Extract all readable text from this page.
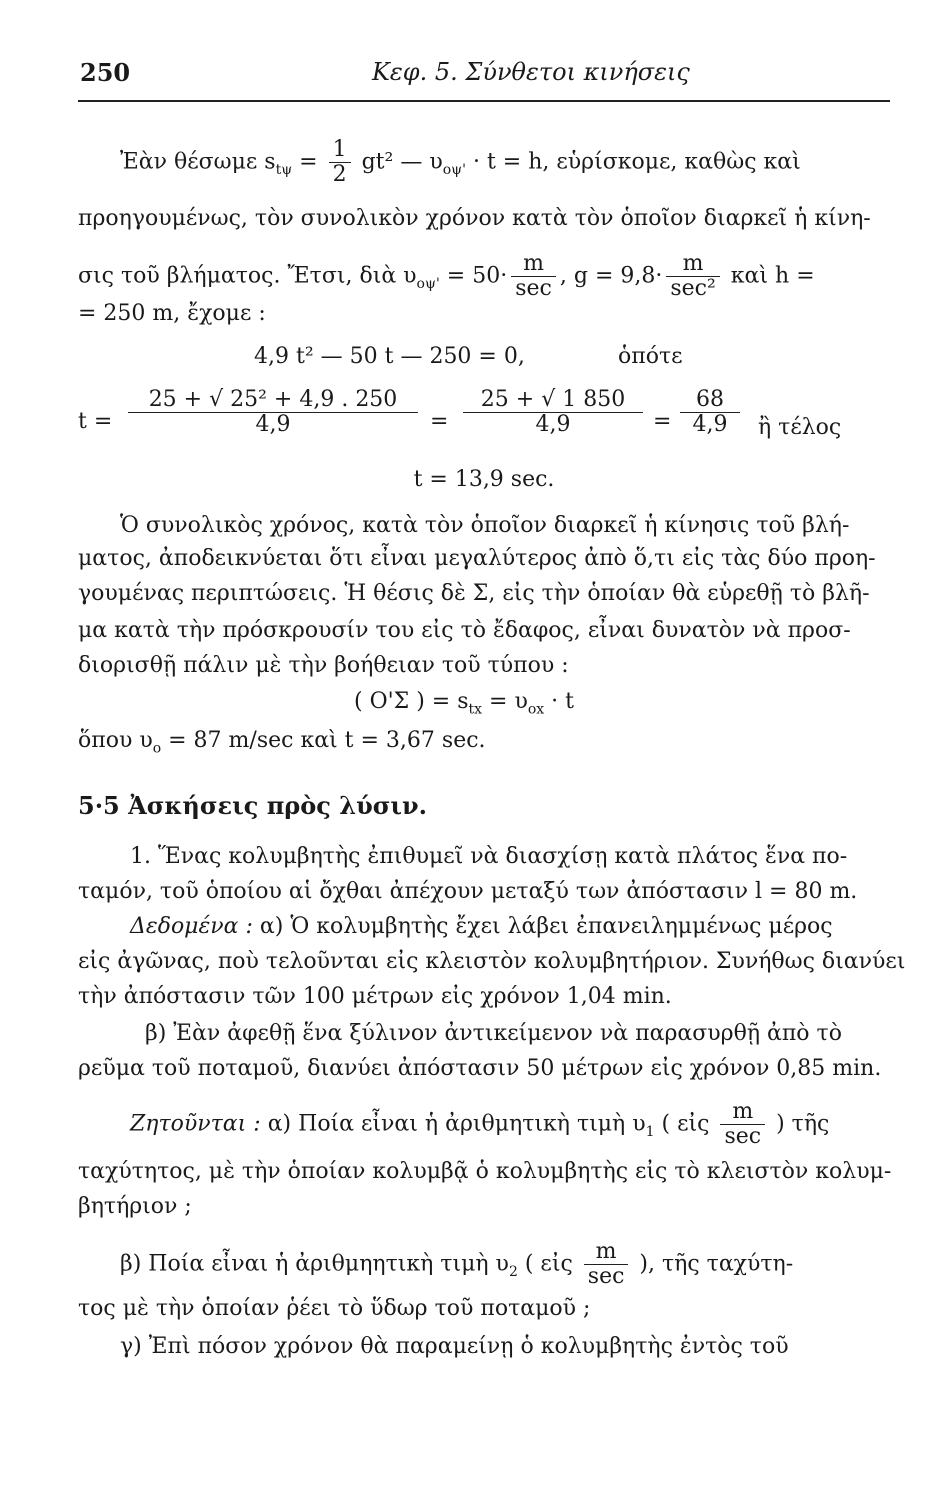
250	Κεφ. 5. Σύνθετοι κινήσεις
Ἐὰν θέσωμε $s_{t\psi} = \frac{1}{2} gt^2$ — $\upsilon_{o\psi'} \cdot t = h$, εὑρίσκομε, καθὼς καὶ
προηγουμένως, τὸν συνολικὸν χρόνον κατὰ τὸν ὁποῖον διαρκεῖ ἡ κίνη-
σις τοῦ βλήματος. Ἔτσι, διὰ $\upsilon_{o\psi'} = 50\cdot \frac{m}{\sec}$ , $g = 9,8\cdot \frac{m}{\text{sec²}}$ καὶ h =
= 250 m, ἔχομε :
4,9 t² — 50 t — 250 = 0,	ὁπότε
$t = \frac{\text{25 + √ 25² + 4,9 . 250}}{4,9} = \frac{25 + √ 1 850}{4,9} = \frac{68}{4,9}$ ἢ τέλος
t = 13,9 sec.
Ὁ συνολικὸς χρόνος, κατὰ τὸν ὁποῖον διαρκεῖ ἡ κίνησις τοῦ βλή-
ματος, ἀποδεικνύεται ὅτι εἶναι μεγαλύτερος ἀπὸ ὅ,τι εἰς τὰς δύο προη-
γουμένας περιπτώσεις. Ἡ θέσις δὲ Σ, εἰς τὴν ὁποίαν θὰ εὑρεθῇ τὸ βλῆ-
μα κατὰ τὴν πρόσκρουσίν του εἰς τὸ ἔδαφος, εἶναι δυνατὸν νὰ προσ-
διορισθῇ πάλιν μὲ τὴν βοήθειαν τοῦ τύπου :
( O'Σ ) = $s_{tx} = \upsilon_{ox} \cdot t$
ὅπου $\upsilon_o = 87$ m/sec καὶ t = 3,67 sec.
5·5 Ἀσκήσεις πρὸς λύσιν.
1. Ἕνας κολυμβητὴς ἐπιθυμεῖ νὰ διασχίσῃ κατὰ πλάτος ἕνα πο-
ταμόν, τοῦ ὁποίου αἱ ὄχθαι ἀπέχουν μεταξύ των ἀπόστασιν l = 80 m.
Δεδομένα : α) Ὁ κολυμβητὴς ἔχει λάβει ἐπανειλημμένως μέρος
εἰς ἀγῶνας, ποὺ τελοῦνται εἰς κλειστὸν κολυμβητήριον. Συνήθως διανύει
τὴν ἀπόστασιν τῶν 100 μέτρων εἰς χρόνον 1,04 min.
β) Ἐὰν ἀφεθῇ ἕνα ξύλινον ἀντικείμενον νὰ παρασυρθῇ ἀπὸ τὸ
ρεῦμα τοῦ ποταμοῦ, διανύει ἀπόστασιν 50 μέτρων εἰς χρόνον 0,85 min.
Ζητοῦνται : α) Ποία εἶναι ἡ ἀριθμητικὴ τιμὴ $\upsilon_1$ ( εἰς $\frac{m}{\sec}$ ) τῆς
ταχύτητος, μὲ τὴν ὁποίαν κολυμβᾷ ὁ κολυμβητὴς εἰς τὸ κλειστὸν κολυμ-
βητήριον ;
β) Ποία εἶναι ἡ ἀριθμηητικὴ τιμὴ $\upsilon_2$ ( εἰς $\frac{m}{\sec}$ ), τῆς ταχύτη-
τος μὲ τὴν ὁποίαν ῥέει τὸ ὕδωρ τοῦ ποταμοῦ ;
γ) Ἐπὶ πόσον χρόνον θὰ παραμείνῃ ὁ κολυμβητὴς ἐντὸς τοῦ
